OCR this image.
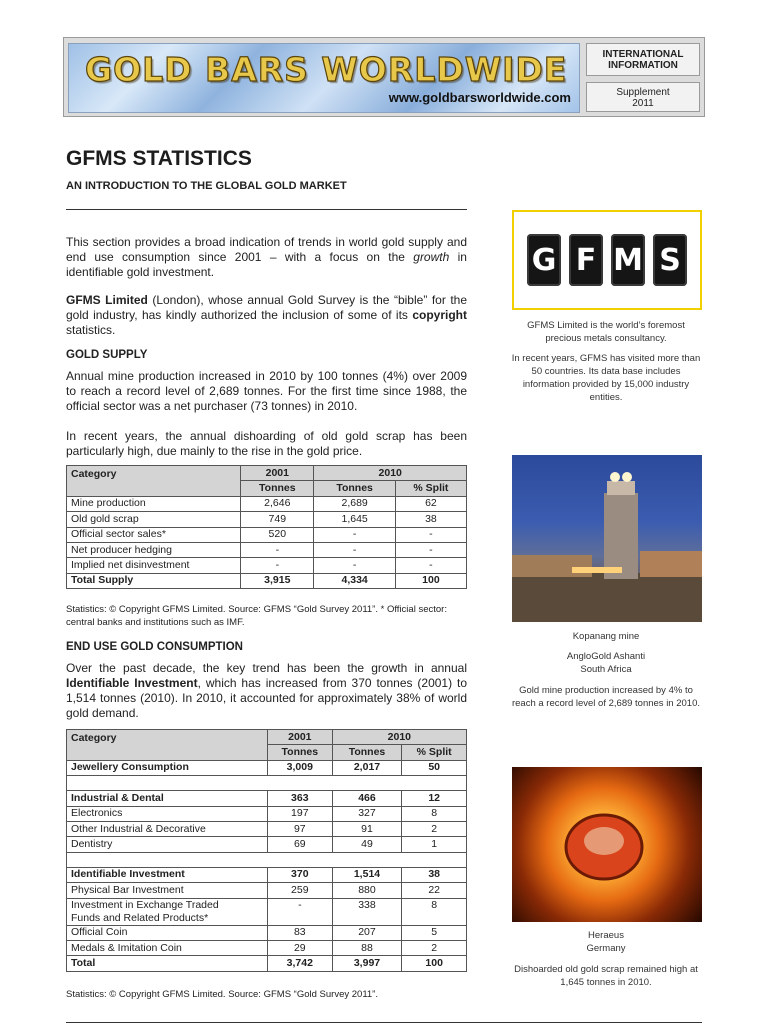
GOLD BARS WORLDWIDE
www.goldbarsworldwide.com
INTERNATIONAL
INFORMATION
Supplement
2011
GFMS STATISTICS
AN INTRODUCTION TO THE GLOBAL GOLD MARKET

This section provides a broad indication of trends in world gold supply and end use consumption since 2001 – with a focus on the growth in identifiable gold investment.

GFMS Limited (London), whose annual Gold Survey is the “bible” for the gold industry, has kindly authorized the inclusion of some of its copyright statistics.

GOLD SUPPLY

Annual mine production increased in 2010 by 100 tonnes (4%) over 2009 to reach a record level of 2,689 tonnes. For the first time since 1988, the official sector was a net purchaser (73 tonnes) in 2010.

In recent years, the annual dishoarding of old gold scrap has been particularly high, due mainly to the rise in the gold price.

Category	2001	2010	
	Tonnes	Tonnes	% Split
Mine production	2,646	2,689	62
Old gold scrap	749	1,645	38
Official sector sales*	520	-	-
Net producer hedging	-	-	-
Implied net disinvestment	-	-	-
Total Supply	3,915	4,334	100

Statistics: © Copyright GFMS Limited. Source: GFMS “Gold Survey 2011”. * Official sector: central banks and institutions such as IMF.

END USE GOLD CONSUMPTION

Over the past decade, the key trend has been the growth in annual Identifiable Investment, which has increased from 370 tonnes (2001) to 1,514 tonnes (2010). In 2010, it accounted for approximately 38% of world gold demand.

Category	2001	2010	
	Tonnes	Tonnes	% Split
Jewellery Consumption	3,009	2,017	50

Industrial & Dental	363	466	12
Electronics	197	327	8
Other Industrial & Decorative	97	91	2
Dentistry	69	49	1

Identifiable Investment	370	1,514	38
Physical Bar Investment	259	880	22

Investment in Exchange Traded
Funds and Related Products*	-	338	8
Official Coin	83	207	5
Medals & Imitation Coin	29	88	2
Total	3,742	3,997	100

Statistics: © Copyright GFMS Limited. Source: GFMS “Gold Survey 2011”.

G F M S

GFMS Limited is the world’s foremost precious metals consultancy.

In recent years, GFMS has visited more than 50 countries. Its data base includes information provided by 15,000 industry entities.

Kopanang mine

AngloGold Ashanti

South Africa

Gold mine production increased by 4% to reach a record level of 2,689 tonnes in 2010.

Heraeus

Germany

Dishoarded old gold scrap remained high at 1,645 tonnes in 2010.
